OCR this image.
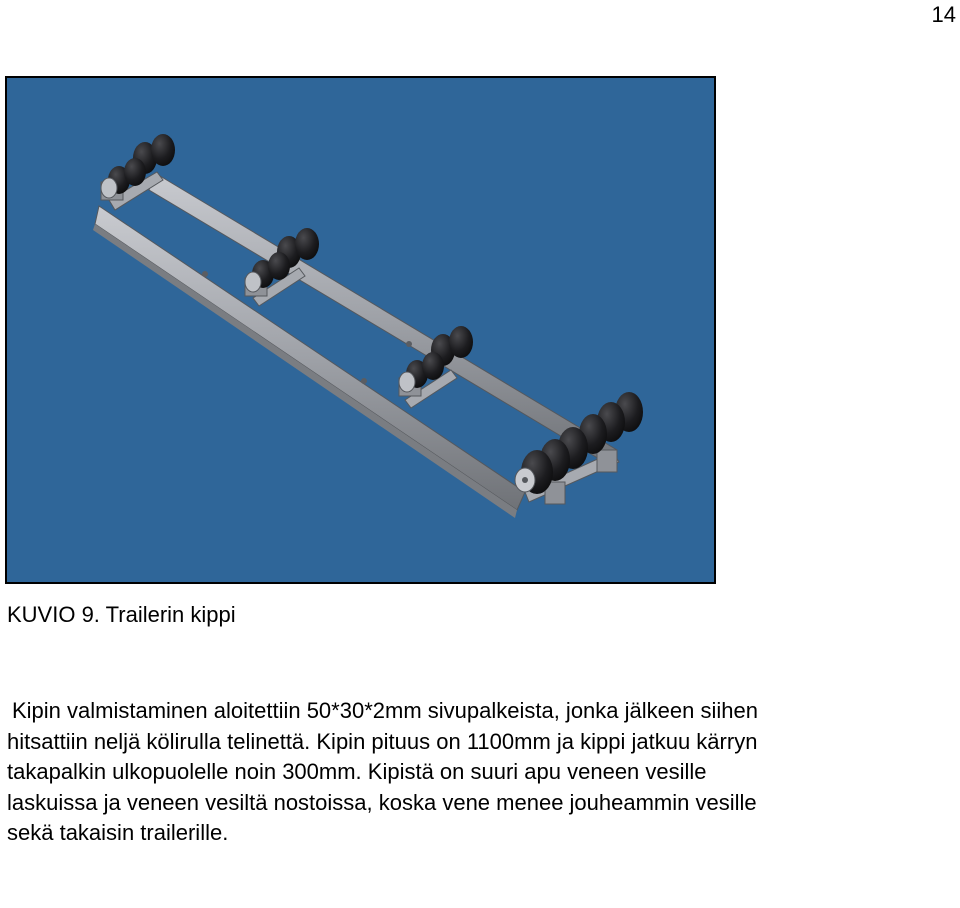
14
KUVIO 9. Trailerin kippi
Kipin valmistaminen aloitettiin 50*30*2mm sivupalkeista, jonka jälkeen siihen
hitsattiin neljä kölirulla telinettä. Kipin pituus on 1100mm ja kippi jatkuu kärryn
takapalkin ulkopuolelle noin 300mm. Kipistä on suuri apu veneen vesille
laskuissa ja veneen vesiltä nostoissa, koska vene menee jouheammin vesille
sekä takaisin trailerille.
